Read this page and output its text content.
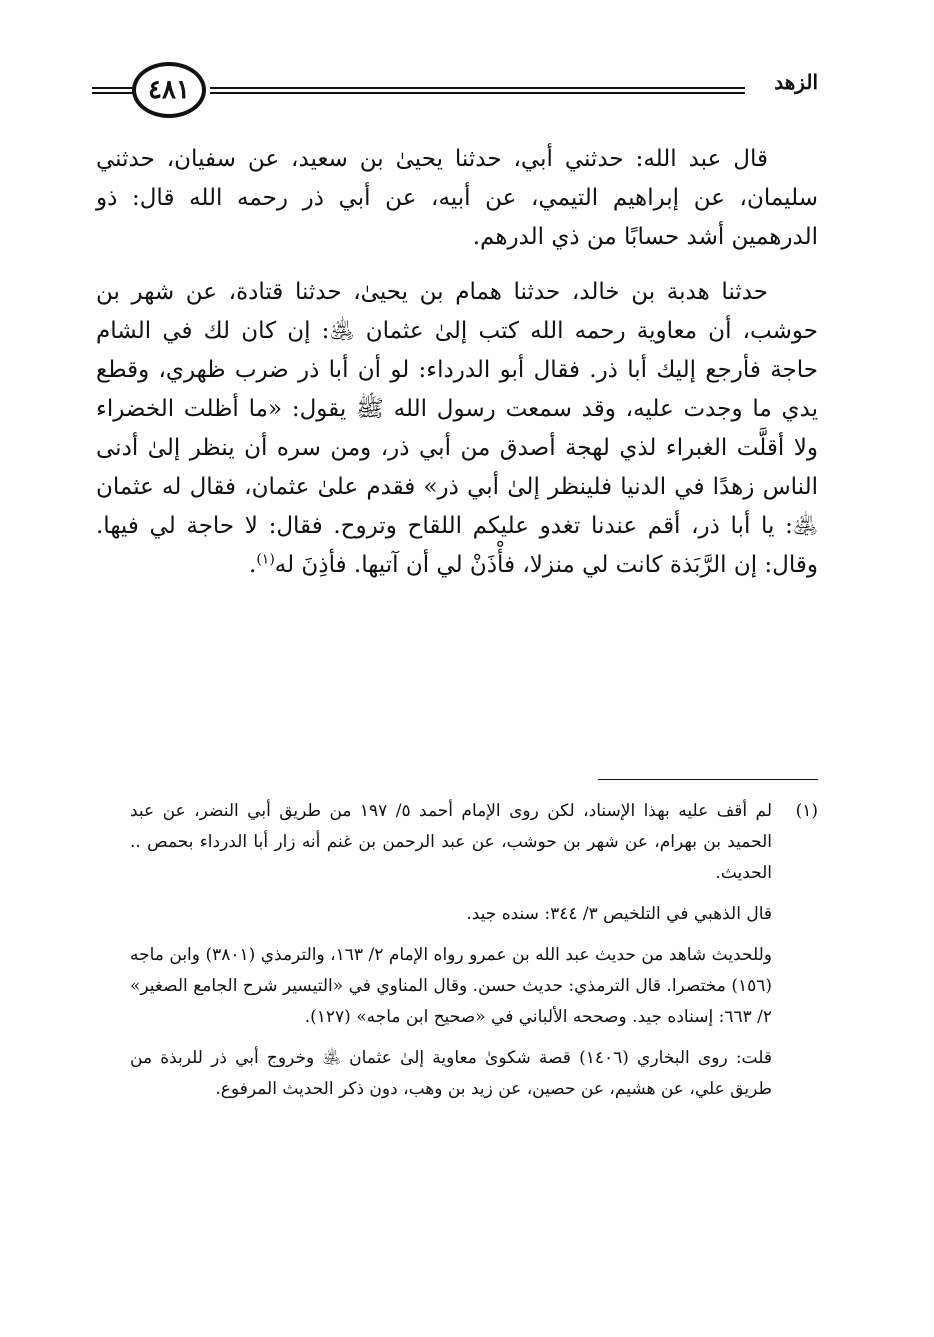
٤٨١	الزهد

قال عبد الله: حدثني أبي، حدثنا يحيىٰ بن سعيد، عن سفيان، حدثني سليمان، عن إبراهيم التيمي، عن أبيه، عن أبي ذر رحمه الله قال: ذو الدرهمين أشد حسابًا من ذي الدرهم.

حدثنا هدبة بن خالد، حدثنا همام بن يحيىٰ، حدثنا قتادة، عن شهر بن حوشب، أن معاوية رحمه الله كتب إلىٰ عثمان ﵁: إن كان لك في الشام حاجة فأرجع إليك أبا ذر. فقال أبو الدرداء: لو أن أبا ذر ضرب ظهري، وقطع يدي ما وجدت عليه، وقد سمعت رسول الله ﷺ يقول: «ما أظلت الخضراء ولا أقلَّت الغبراء لذي لهجة أصدق من أبي ذر، ومن سره أن ينظر إلىٰ أدنى الناس زهدًا في الدنيا فلينظر إلىٰ أبي ذر» فقدم علىٰ عثمان، فقال له عثمان ﵁: يا أبا ذر، أقم عندنا تغدو عليكم اللقاح وتروح. فقال: لا حاجة لي فيها. وقال: إن الرَّبَذة كانت لي منزلا، فأْذَنْ لي أن آتيها. فأذِنَ له$^{(١)}$.

(١)

لم أقف عليه بهذا الإسناد، لكن روى الإمام أحمد ٥/ ١٩٧ من طريق أبي النضر، عن عبد الحميد بن بهرام، عن شهر بن حوشب، عن عبد الرحمن بن غنم أنه زار أبا الدرداء بحمص .. الحديث.

قال الذهبي في التلخيص ٣/ ٣٤٤: سنده جيد.

وللحديث شاهد من حديث عبد الله بن عمرو رواه الإمام ٢/ ١٦٣، والترمذي (٣٨٠١) وابن ماجه (١٥٦) مختصرا. قال الترمذي: حديث حسن. وقال المناوي في «التيسير شرح الجامع الصغير» ٢/ ٦٦٣: إسناده جيد. وصححه الألباني في «صحيح ابن ماجه» (١٢٧).

قلت: روى البخاري (١٤٠٦) قصة شكوىٰ معاوية إلىٰ عثمان ﵁ وخروج أبي ذر للربذة من طريق علي، عن هشيم، عن حصين، عن زيد بن وهب، دون ذكر الحديث المرفوع.
